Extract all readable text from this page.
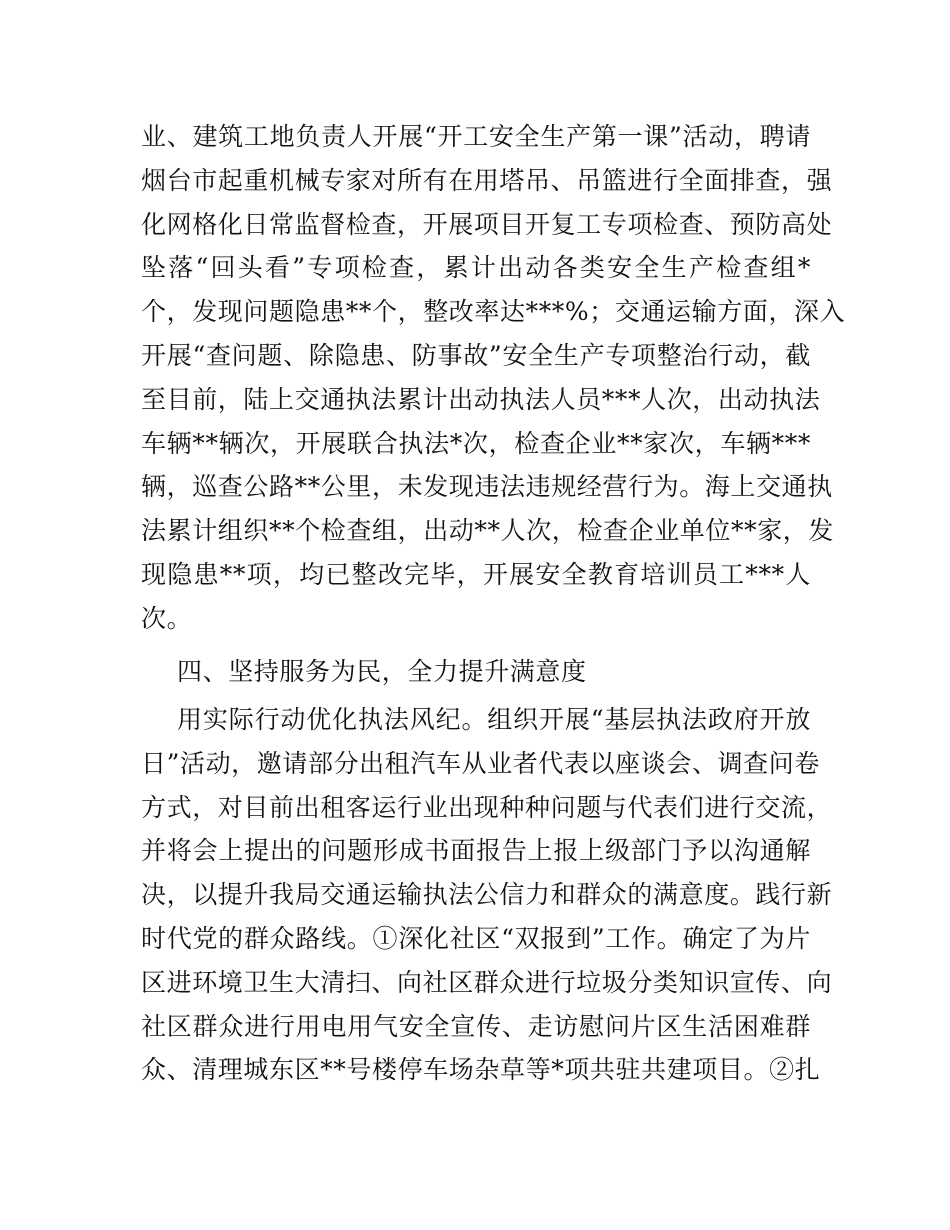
业、建筑工地负责人开展“开工安全生产第一课”活动，聘请
烟台市起重机械专家对所有在用塔吊、吊篮进行全面排查，强
化网格化日常监督检查，开展项目开复工专项检查、预防高处
坠落“回头看”专项检查，累计出动各类安全生产检查组*
个，发现问题隐患**个，整改率达***%；交通运输方面，深入
开展“查问题、除隐患、防事故”安全生产专项整治行动，截
至目前，陆上交通执法累计出动执法人员***人次，出动执法
车辆**辆次，开展联合执法*次，检查企业**家次，车辆***
辆，巡查公路**公里，未发现违法违规经营行为。海上交通执
法累计组织**个检查组，出动**人次，检查企业单位**家，发
现隐患**项，均已整改完毕，开展安全教育培训员工***人
次。
四、坚持服务为民，全力提升满意度
用实际行动优化执法风纪。组织开展“基层执法政府开放
日”活动，邀请部分出租汽车从业者代表以座谈会、调查问卷
方式，对目前出租客运行业出现种种问题与代表们进行交流，
并将会上提出的问题形成书面报告上报上级部门予以沟通解
决，以提升我局交通运输执法公信力和群众的满意度。践行新
时代党的群众路线。①深化社区“双报到”工作。确定了为片
区进环境卫生大清扫、向社区群众进行垃圾分类知识宣传、向
社区群众进行用电用气安全宣传、走访慰问片区生活困难群
众、清理城东区**号楼停车场杂草等*项共驻共建项目。②扎
